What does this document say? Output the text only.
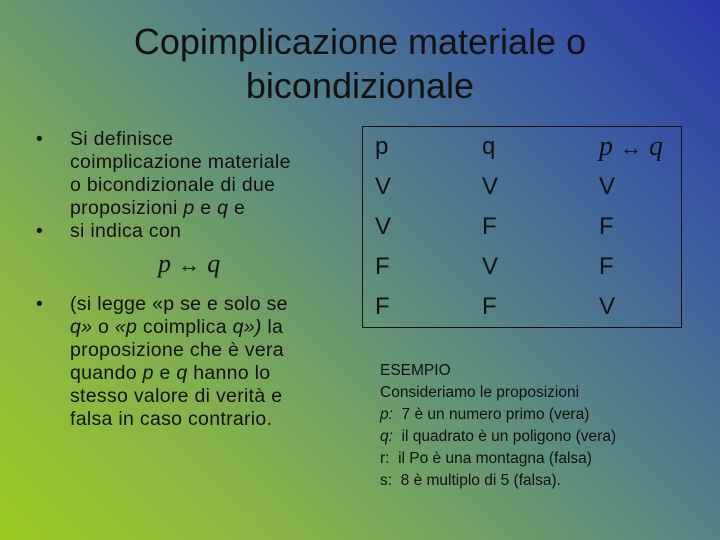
Copimplicazione materiale o
bicondizionale
• Si definisce
coimplicazione materiale
o bicondizionale di due
proposizioni p e q e
• si indica con
p ↔ q
• (si legge «p se e solo se
q» o «p coimplica q») la
proposizione che è vera
quando p e q hanno lo
stesso valore di verità e
falsa in caso contrario.
p	q	p ↔ q
V	V	V
V	F	F
F	V	F
F	F	V
ESEMPIO
Consideriamo le proposizioni
p:  7 è un numero primo (vera)
q:  il quadrato è un poligono (vera)
r:  il Po è una montagna (falsa)
s:  8 è multiplo di 5 (falsa).
